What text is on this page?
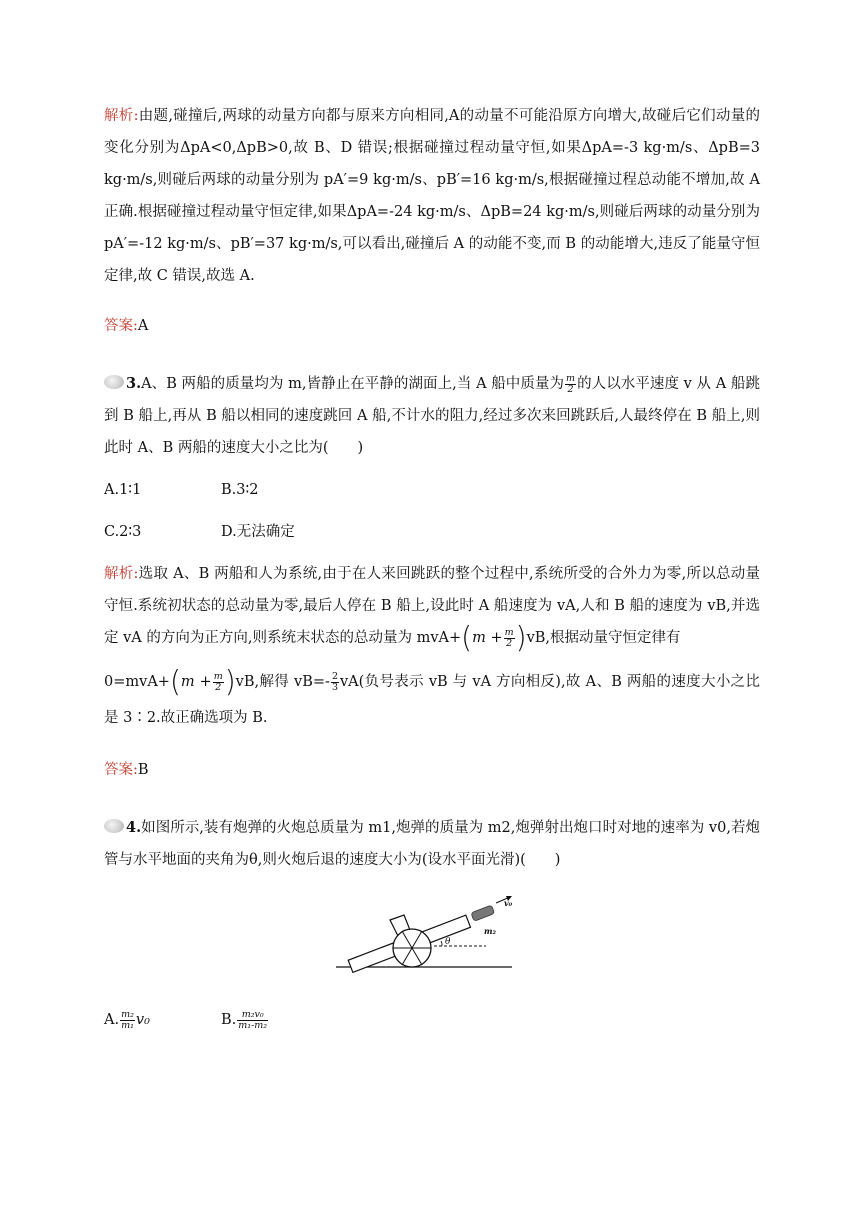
解析:由题,碰撞后,两球的动量方向都与原来方向相同,A的动量不可能沿原方向增大,故碰后它们动量的变化分别为ΔpA<0,ΔpB>0,故 B、D 错误;根据碰撞过程动量守恒,如果ΔpA=-3 kg·m/s、ΔpB=3 kg·m/s,则碰后两球的动量分别为 pA′=9 kg·m/s、pB′=16 kg·m/s,根据碰撞过程总动能不增加,故 A 正确.根据碰撞过程动量守恒定律,如果ΔpA=-24 kg·m/s、ΔpB=24 kg·m/s,则碰后两球的动量分别为 pA′=-12 kg·m/s、pB′=37 kg·m/s,可以看出,碰撞后 A 的动能不变,而 B 的动能增大,违反了能量守恒定律,故 C 错误,故选 A.

答案:A

3.A、B 两船的质量均为 m,皆静止在平静的湖面上,当 A 船中质量为 $\frac{m}{2}$ 的人以水平速度 v 从 A 船跳到 B 船上,再从 B 船以相同的速度跳回 A 船,不计水的阻力,经过多次来回跳跃后,人最终停在 B 船上,则此时 A、B 两船的速度大小之比为(　　)

A.1∶1	B.3∶2
C.2∶3	D.无法确定

解析:选取 A、B 两船和人为系统,由于在人来回跳跃的整个过程中,系统所受的合外力为零,所以总动量守恒.系统初状态的总动量为零,最后人停在 B 船上,设此时 A 船速度为 vA,人和 B 船的速度为 vB,并选定 vA 的方向为正方向,则系统末状态的总动量为 $mvA+(m + \frac{m}{2} )vB$,根据动量守恒定律有

$0=mvA+(m + \frac{m}{2} )vB$,解得 $vB=- \frac{2}{3} vA$(负号表示 vB 与 vA 方向相反),故 A、B 两船的速度大小之比是 3∶2.故正确选项为 B.

答案:B

4.如图所示,装有炮弹的火炮总质量为 m1,炮弹的质量为 m2,炮弹射出炮口时对地的速率为 v0,若炮管与水平地面的夹角为θ,则火炮后退的速度大小为(设水平面光滑)(　　)

v₀
m₂
θ
A. $\frac{\text{m₂}}{\text{m₁}} v_0$	B. $\frac{\text{m₂v₀}}{\text{m₁-m₂}}$
